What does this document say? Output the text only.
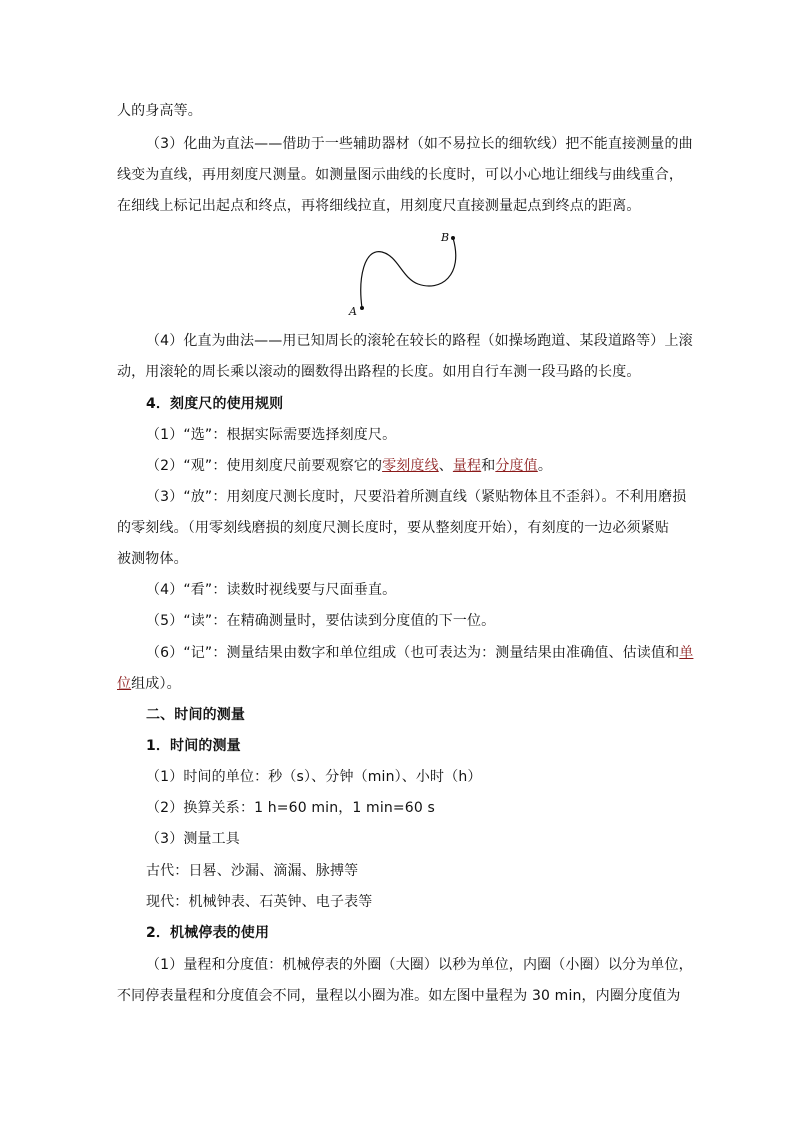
人的身高等。
（3）化曲为直法——借助于一些辅助器材（如不易拉长的细软线）把不能直接测量的曲
线变为直线，再用刻度尺测量。如测量图示曲线的长度时，可以小心地让细线与曲线重合，
在细线上标记出起点和终点，再将细线拉直，用刻度尺直接测量起点到终点的距离。
A
B
（4）化直为曲法——用已知周长的滚轮在较长的路程（如操场跑道、某段道路等）上滚
动，用滚轮的周长乘以滚动的圈数得出路程的长度。如用自行车测一段马路的长度。
4．刻度尺的使用规则
（1）“选”：根据实际需要选择刻度尺。
（2）“观”：使用刻度尺前要观察它的零刻度线、量程和分度值。
（3）“放”：用刻度尺测长度时，尺要沿着所测直线（紧贴物体且不歪斜）。不利用磨损
的零刻线。（用零刻线磨损的刻度尺测长度时，要从整刻度开始），有刻度的一边必须紧贴
被测物体。
（4）“看”：读数时视线要与尺面垂直。
（5）“读”：在精确测量时，要估读到分度值的下一位。
（6）“记”：测量结果由数字和单位组成（也可表达为：测量结果由准确值、估读值和单
位组成）。
二、时间的测量
1．时间的测量
（1）时间的单位：秒（s）、分钟（min）、小时（h）
（2）换算关系：1 h=60 min，1 min=60 s
（3）测量工具
古代：日晷、沙漏、滴漏、脉搏等
现代：机械钟表、石英钟、电子表等
2．机械停表的使用
（1）量程和分度值：机械停表的外圈（大圈）以秒为单位，内圈（小圈）以分为单位，
不同停表量程和分度值会不同，量程以小圈为准。如左图中量程为 30 min，内圈分度值为
